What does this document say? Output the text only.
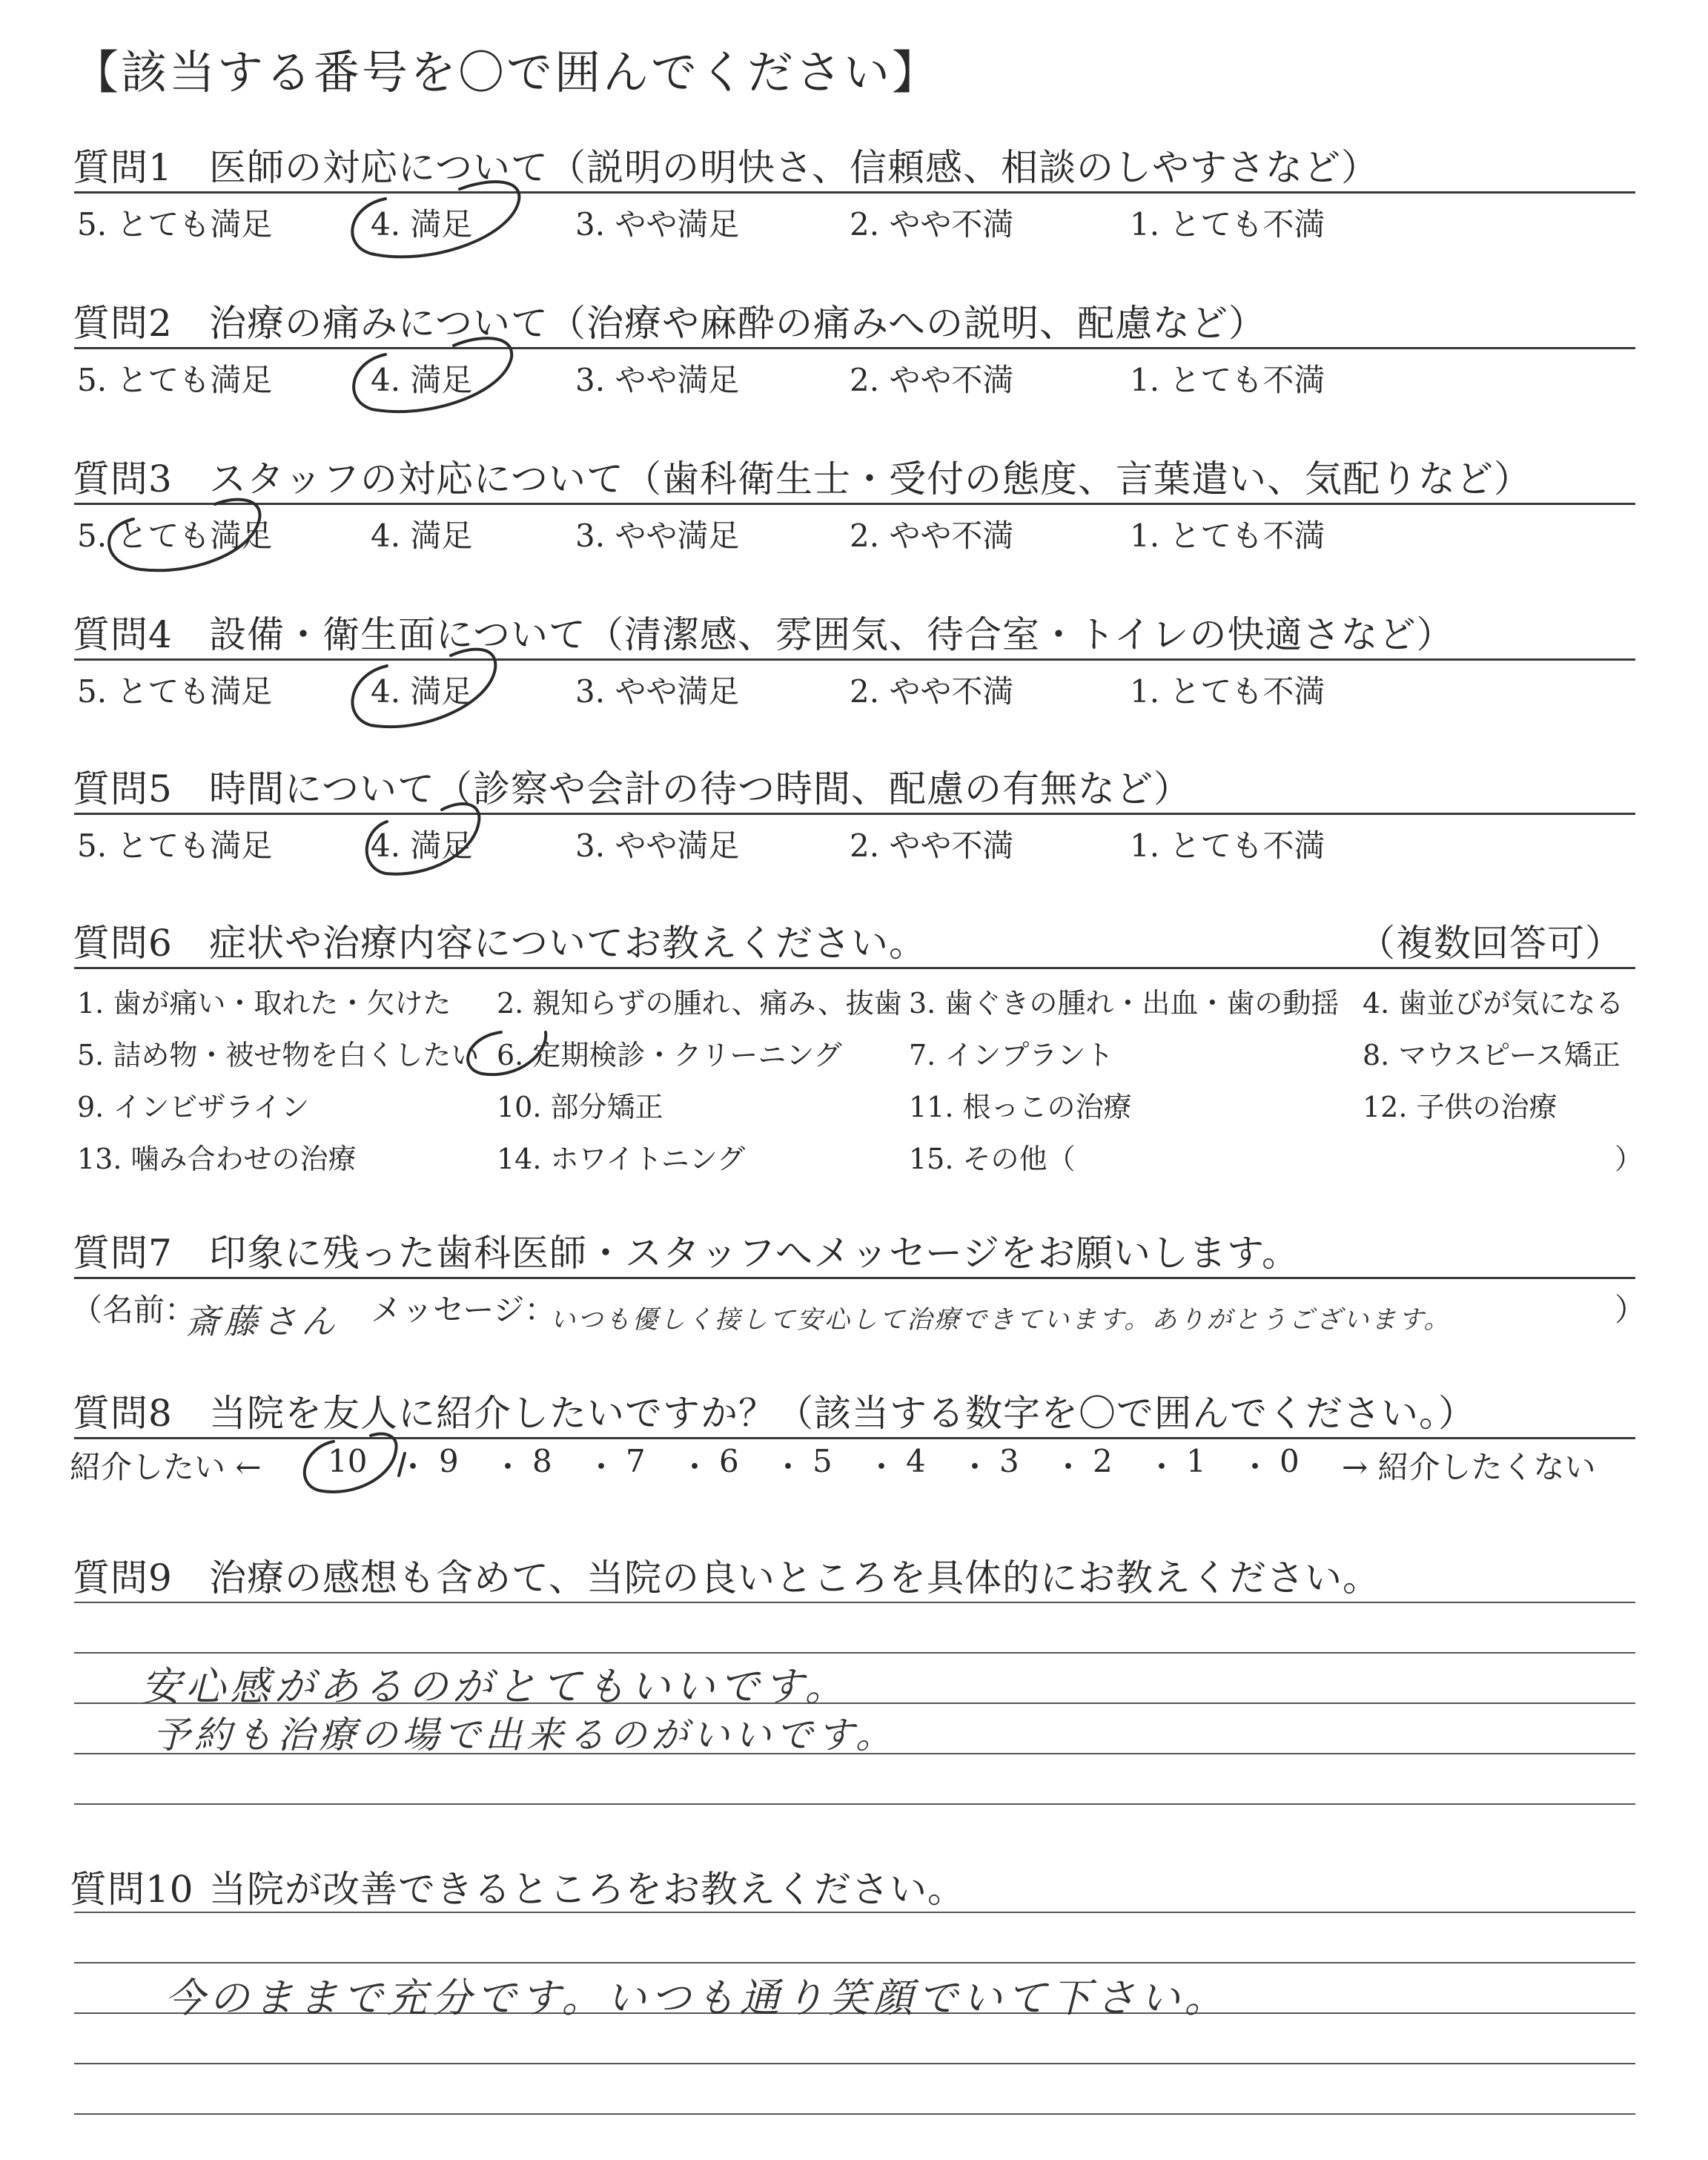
【該当する番号を〇で囲んでください】
質問1 医師の対応について（説明の明快さ、信頼感、相談のしやすさなど）
5. とても満足	4. 満足	3. やや満足	2. やや不満	1. とても不満
質問2 治療の痛みについて（治療や麻酔の痛みへの説明、配慮など）
5. とても満足	4. 満足	3. やや満足	2. やや不満	1. とても不満
質問3 スタッフの対応について（歯科衛生士・受付の態度、言葉遣い、気配りなど）
5. とても満足	4. 満足	3. やや満足	2. やや不満	1. とても不満
質問4 設備・衛生面について（清潔感、雰囲気、待合室・トイレの快適さなど）
5. とても満足	4. 満足	3. やや満足	2. やや不満	1. とても不満
質問5 時間について（診察や会計の待つ時間、配慮の有無など）
5. とても満足	4. 満足	3. やや満足	2. やや不満	1. とても不満
質問6 症状や治療内容についてお教えください。	（複数回答可）
1. 歯が痛い・取れた・欠けた 2. 親知らずの腫れ、痛み、抜歯 3. 歯ぐきの腫れ・出血・歯の動揺 4. 歯並びが気になる
5. 詰め物・被せ物を白くしたい 6. 定期検診・クリーニング 7. インプラント	8. マウスピース矯正
9. インビザライン	10. 部分矯正	11. 根っこの治療	12. 子供の治療
13. 噛み合わせの治療	14. ホワイトニング	15. その他（	）
質問7 印象に残った歯科医師・スタッフへメッセージをお願いします。
（名前：
斎藤さん メッセージ：
いつも優しく接して安心して治療できています。ありがとうございます。	）
質問8 当院を友人に紹介したいですか？（該当する数字を〇で囲んでください。）
紹介したい ←	→ 紹介したくない
10 ・ 9 ・ 8 ・ 7 ・ 6 ・ 5 ・ 4 ・ 3 ・ 2 ・ 1 ・ 0
質問9 治療の感想も含めて、当院の良いところを具体的にお教えください。
安心感があるのがとてもいいです。
予約も治療の場で出来るのがいいです。
質問10 当院が改善できるところをお教えください。
今のままで充分です。いつも通り笑顔でいて下さい。
